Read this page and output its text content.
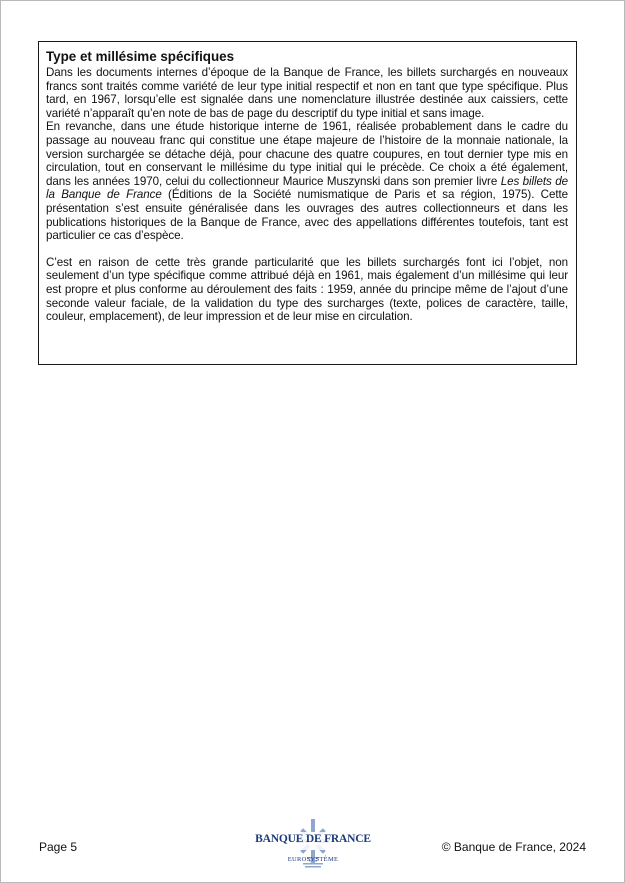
Type et millésime spécifiques

Dans les documents internes d’époque de la Banque de France, les billets surchargés en nouveaux francs sont traités comme variété de leur type initial respectif et non en tant que type spécifique. Plus tard, en 1967, lorsqu’elle est signalée dans une nomenclature illustrée destinée aux caissiers, cette variété n’apparaît qu’en note de bas de page du descriptif du type initial et sans image.

En revanche, dans une étude historique interne de 1961, réalisée probablement dans le cadre du passage au nouveau franc qui constitue une étape majeure de l’histoire de la monnaie nationale, la version surchargée se détache déjà, pour chacune des quatre coupures, en tout dernier type mis en circulation, tout en conservant le millésime du type initial qui le précède. Ce choix a été également, dans les années 1970, celui du collectionneur Maurice Muszynski dans son premier livre Les billets de la Banque de France (Éditions de la Société numismatique de Paris et sa région, 1975). Cette présentation s’est ensuite généralisée dans les ouvrages des autres collectionneurs et dans les publications historiques de la Banque de France, avec des appellations différentes toutefois, tant est particulier ce cas d’espèce.

C’est en raison de cette très grande particularité que les billets surchargés font ici l’objet, non seulement d’un type spécifique comme attribué déjà en 1961, mais également d’un millésime qui leur est propre et plus conforme au déroulement des faits : 1959, année du principe même de l’ajout d’une seconde valeur faciale, de la validation du type des surcharges (texte, polices de caractère, taille, couleur, emplacement), de leur impression et de leur mise en circulation.

Page 5
BANQUE DE FRANCE
EUROSYSTÈME
© Banque de France, 2024
